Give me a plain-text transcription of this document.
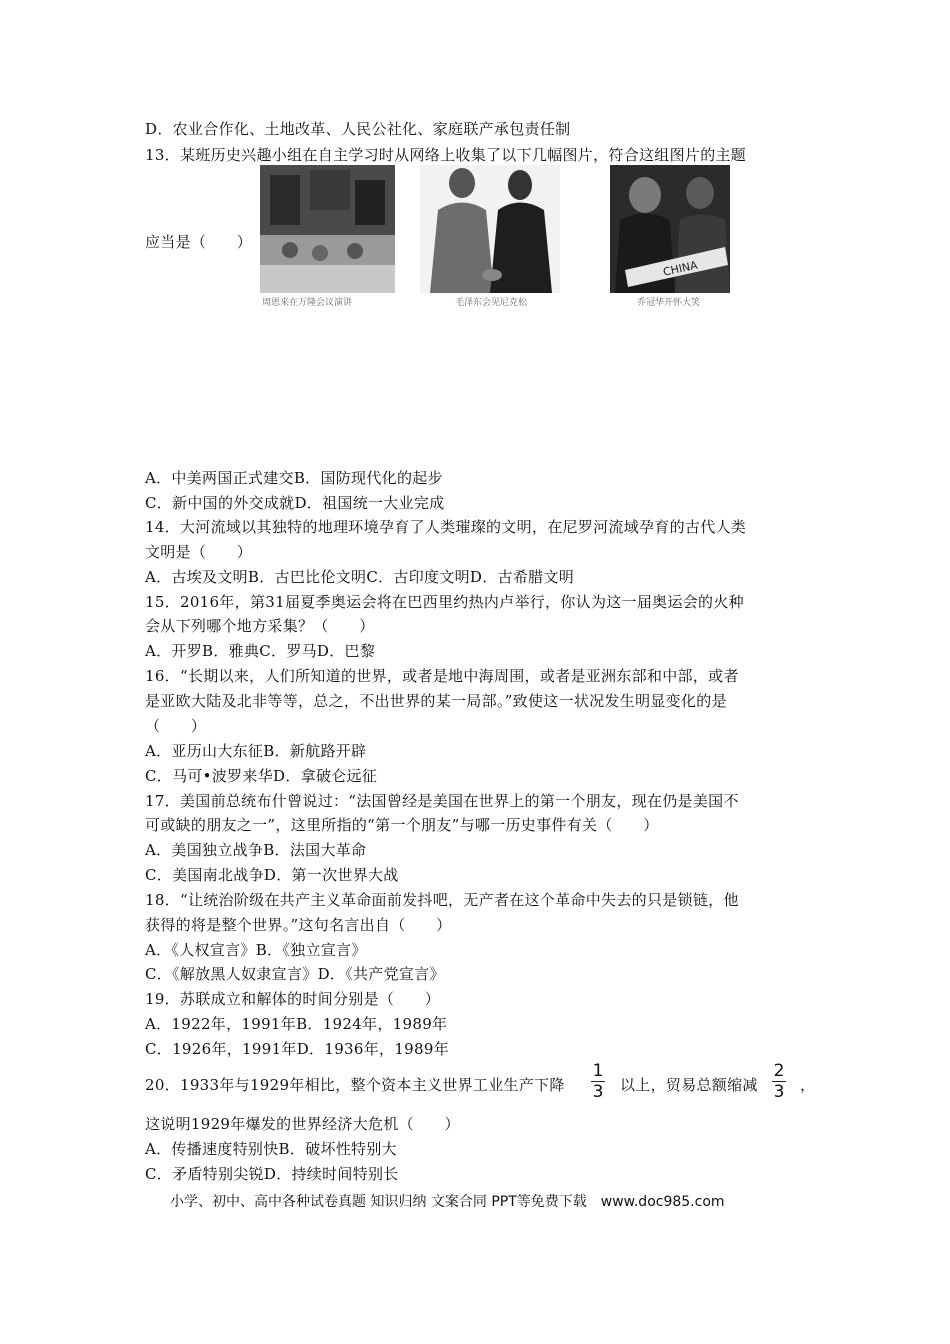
D．农业合作化、土地改革、人民公社化、家庭联产承包责任制
13．某班历史兴趣小组在自主学习时从网络上收集了以下几幅图片，符合这组图片的主题
应当是（　　）
CHINA
周恩来在万隆会议演讲	毛泽东会见尼克松	乔冠华开怀大笑
A．中美两国正式建交B．国防现代化的起步
C．新中国的外交成就D．祖国统一大业完成
14．大河流域以其独特的地理环境孕育了人类璀璨的文明，在尼罗河流域孕育的古代人类
文明是（　　）
A．古埃及文明B．古巴比伦文明C．古印度文明D．古希腊文明
15．2016年，第31届夏季奥运会将在巴西里约热内卢举行，你认为这一届奥运会的火种
会从下列哪个地方采集？（　　）
A．开罗B．雅典C．罗马D．巴黎
16．“长期以来，人们所知道的世界，或者是地中海周围，或者是亚洲东部和中部，或者
是亚欧大陆及北非等等，总之，不出世界的某一局部。”致使这一状况发生明显变化的是
（　　）
A．亚历山大东征B．新航路开辟
C．马可•波罗来华D．拿破仑远征
17．美国前总统布什曾说过：“法国曾经是美国在世界上的第一个朋友，现在仍是美国不
可或缺的朋友之一”，这里所指的“第一个朋友”与哪一历史事件有关（　　）
A．美国独立战争B．法国大革命
C．美国南北战争D．第一次世界大战
18．“让统治阶级在共产主义革命面前发抖吧，无产者在这个革命中失去的只是锁链，他
获得的将是整个世界。”这句名言出自（　　）
A．《人权宣言》B．《独立宣言》
C．《解放黑人奴隶宣言》D．《共产党宣言》
19．苏联成立和解体的时间分别是（　　）
A．1922年，1991年B．1924年，1989年
C．1926年，1991年D．1936年，1989年
20．1933年与1929年相比，整个资本主义世界工业生产下降
1
3 以上，贸易总额缩减
2
3 ，
这说明1929年爆发的世界经济大危机（　　）
A．传播速度特别快B．破坏性特别大
C．矛盾特别尖锐D．持续时间特别长
小学、初中、高中各种试卷真题 知识归纳 文案合同 PPT等免费下载　www.doc985.com
